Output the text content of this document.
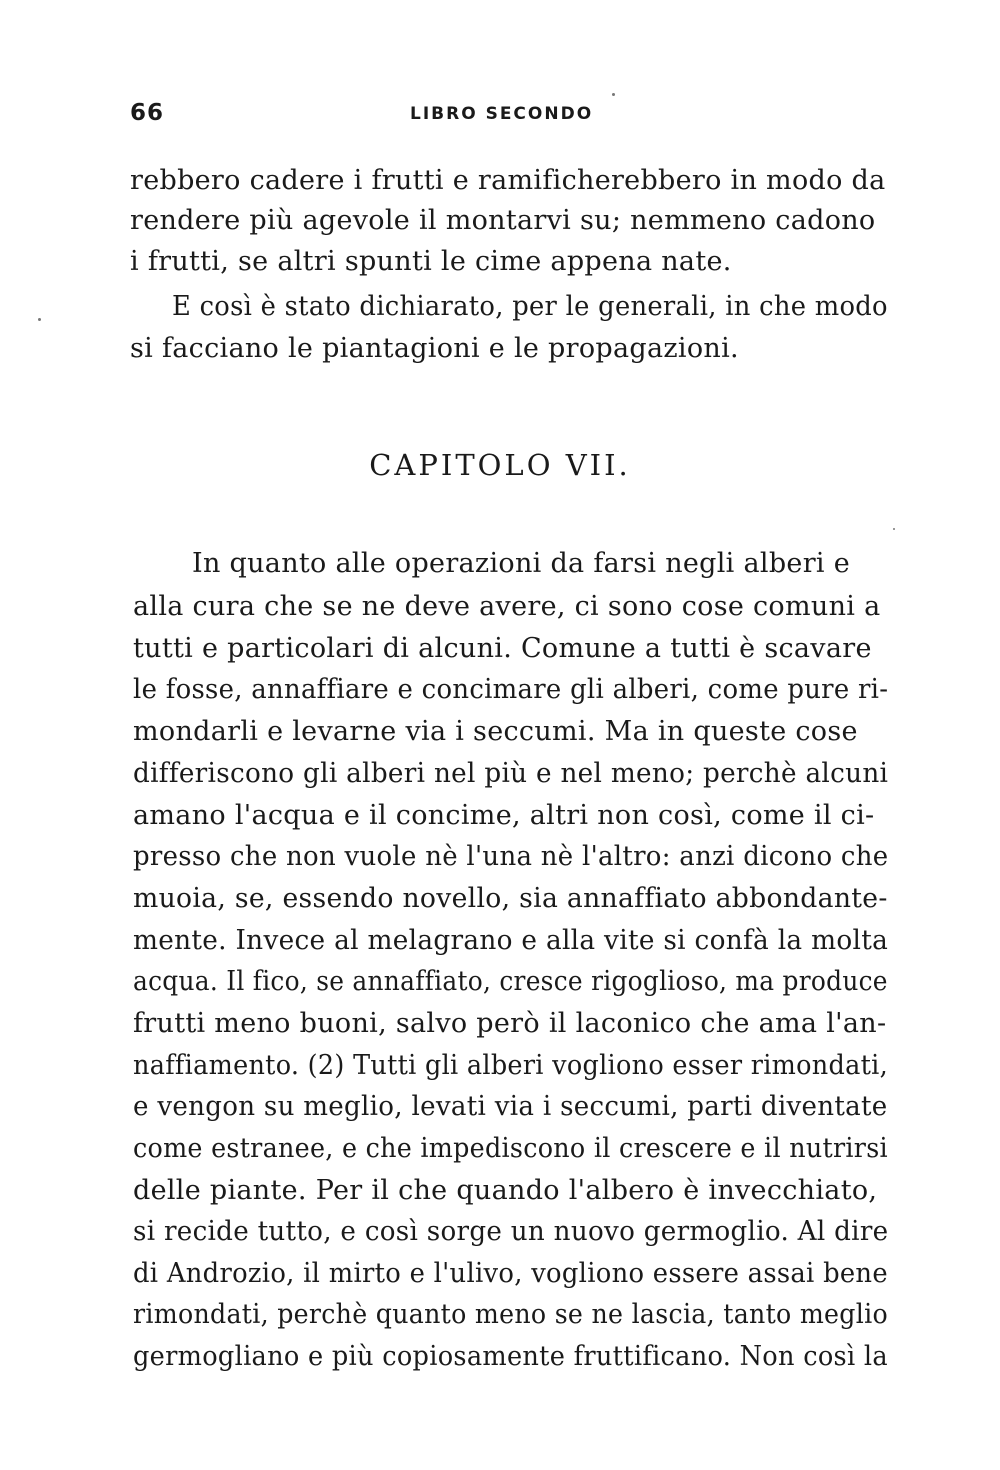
66	LIBRO SECONDO
rebbero cadere i frutti e ramificherebbero in modo da
rendere più agevole il montarvi su; nemmeno cadono
i frutti, se altri spunti le cime appena nate.
E così è stato dichiarato, per le generali, in che modo
si facciano le piantagioni e le propagazioni.
CAPITOLO VII.
In quanto alle operazioni da farsi negli alberi e
alla cura che se ne deve avere, ci sono cose comuni a
tutti e particolari di alcuni. Comune a tutti è scavare
le fosse, annaffiare e concimare gli alberi, come pure ri-
mondarli e levarne via i seccumi. Ma in queste cose
differiscono gli alberi nel più e nel meno; perchè alcuni
amano l'acqua e il concime, altri non così, come il ci-
presso che non vuole nè l'una nè l'altro: anzi dicono che
muoia, se, essendo novello, sia annaffiato abbondante-
mente. Invece al melagrano e alla vite si confà la molta
acqua. Il fico, se annaffiato, cresce rigoglioso, ma produce
frutti meno buoni, salvo però il laconico che ama l'an-
naffiamento. (2) Tutti gli alberi vogliono esser rimondati,
e vengon su meglio, levati via i seccumi, parti diventate
come estranee, e che impediscono il crescere e il nutrirsi
delle piante. Per il che quando l'albero è invecchiato,
si recide tutto, e così sorge un nuovo germoglio. Al dire
di Androzio, il mirto e l'ulivo, vogliono essere assai bene
rimondati, perchè quanto meno se ne lascia, tanto meglio
germogliano e più copiosamente fruttificano. Non così la
